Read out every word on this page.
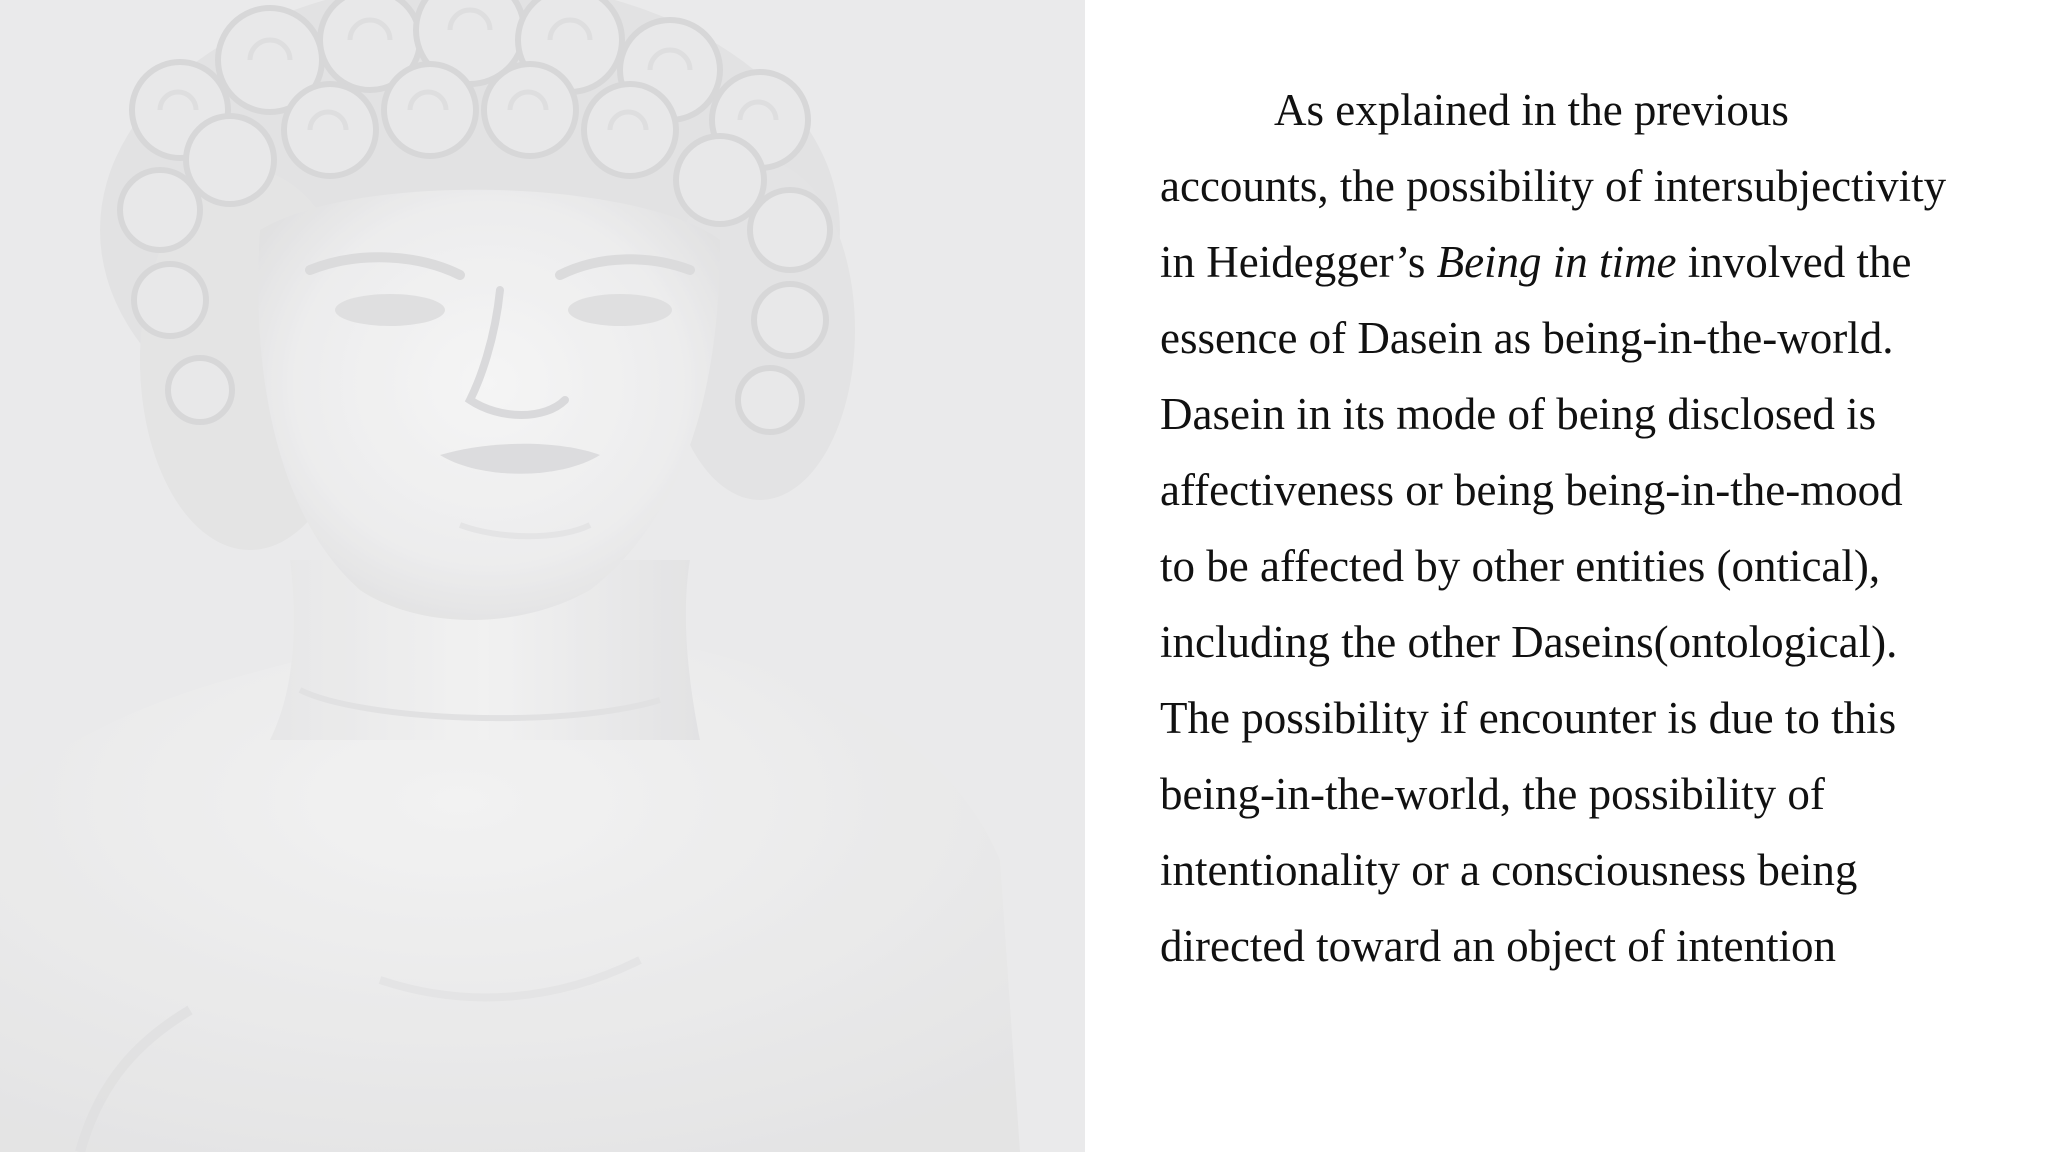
As explained in the previous
accounts, the possibility of intersubjectivity
in Heidegger’s Being in time involved the
essence of Dasein as being-in-the-world.
Dasein in its mode of being disclosed is
affectiveness or being being-in-the-mood
to be affected by other entities (ontical),
including the other Daseins(ontological).
The possibility if encounter is due to this
being-in-the-world, the possibility of
intentionality or a consciousness being
directed toward an object of intention
